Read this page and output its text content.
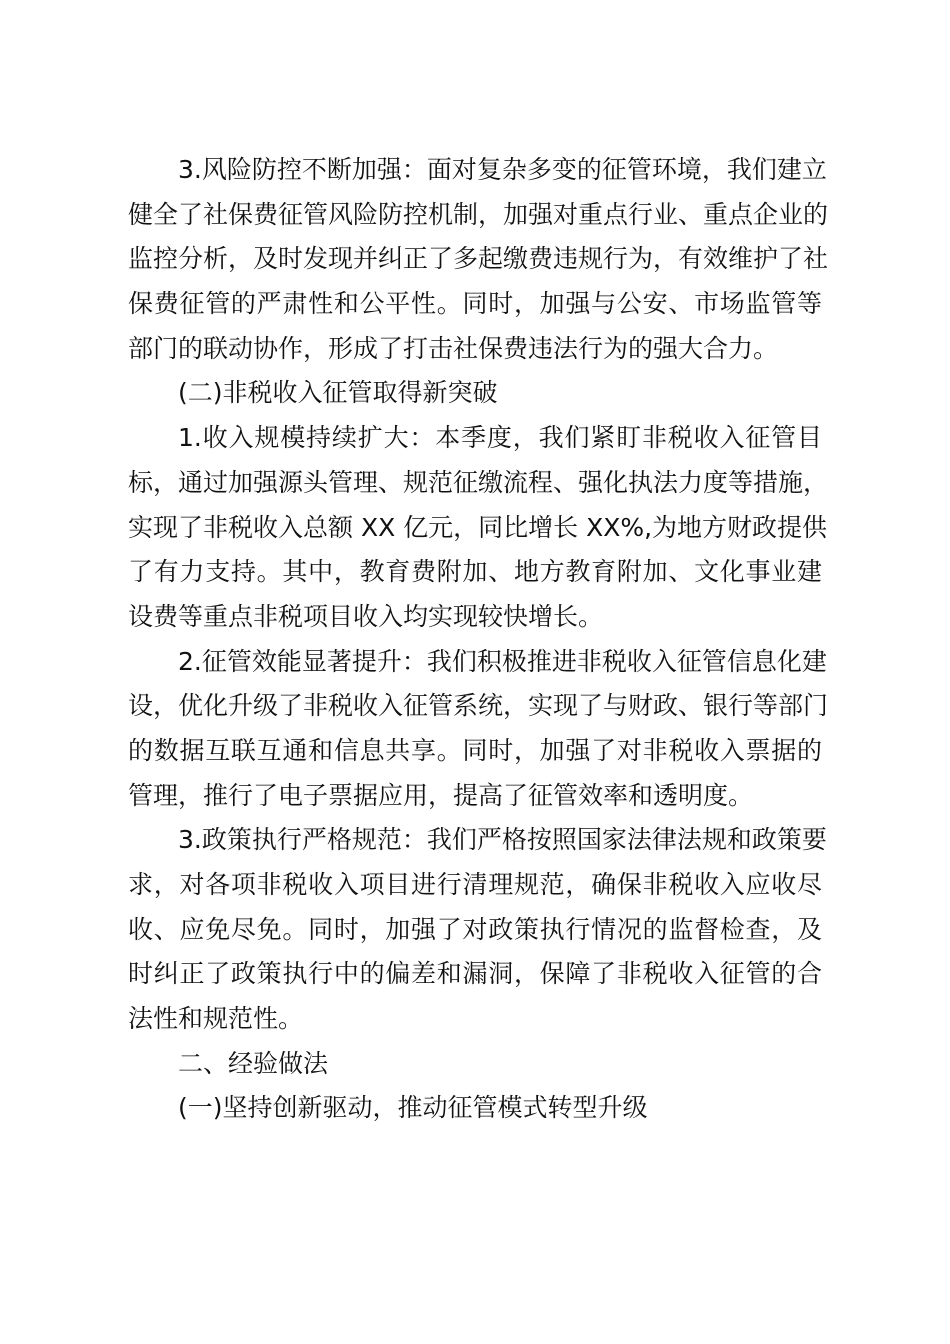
3.风险防控不断加强：面对复杂多变的征管环境，我们建立
健全了社保费征管风险防控机制，加强对重点行业、重点企业的
监控分析，及时发现并纠正了多起缴费违规行为，有效维护了社
保费征管的严肃性和公平性。同时，加强与公安、市场监管等
部门的联动协作，形成了打击社保费违法行为的强大合力。
(二)非税收入征管取得新突破
1.收入规模持续扩大：本季度，我们紧盯非税收入征管目
标，通过加强源头管理、规范征缴流程、强化执法力度等措施，
实现了非税收入总额 XX 亿元，同比增长 XX%,为地方财政提供
了有力支持。其中，教育费附加、地方教育附加、文化事业建
设费等重点非税项目收入均实现较快增长。
2.征管效能显著提升：我们积极推进非税收入征管信息化建
设，优化升级了非税收入征管系统，实现了与财政、银行等部门
的数据互联互通和信息共享。同时，加强了对非税收入票据的
管理，推行了电子票据应用，提高了征管效率和透明度。
3.政策执行严格规范：我们严格按照国家法律法规和政策要
求，对各项非税收入项目进行清理规范，确保非税收入应收尽
收、应免尽免。同时，加强了对政策执行情况的监督检查，及
时纠正了政策执行中的偏差和漏洞，保障了非税收入征管的合
法性和规范性。
二、经验做法
(一)坚持创新驱动，推动征管模式转型升级
